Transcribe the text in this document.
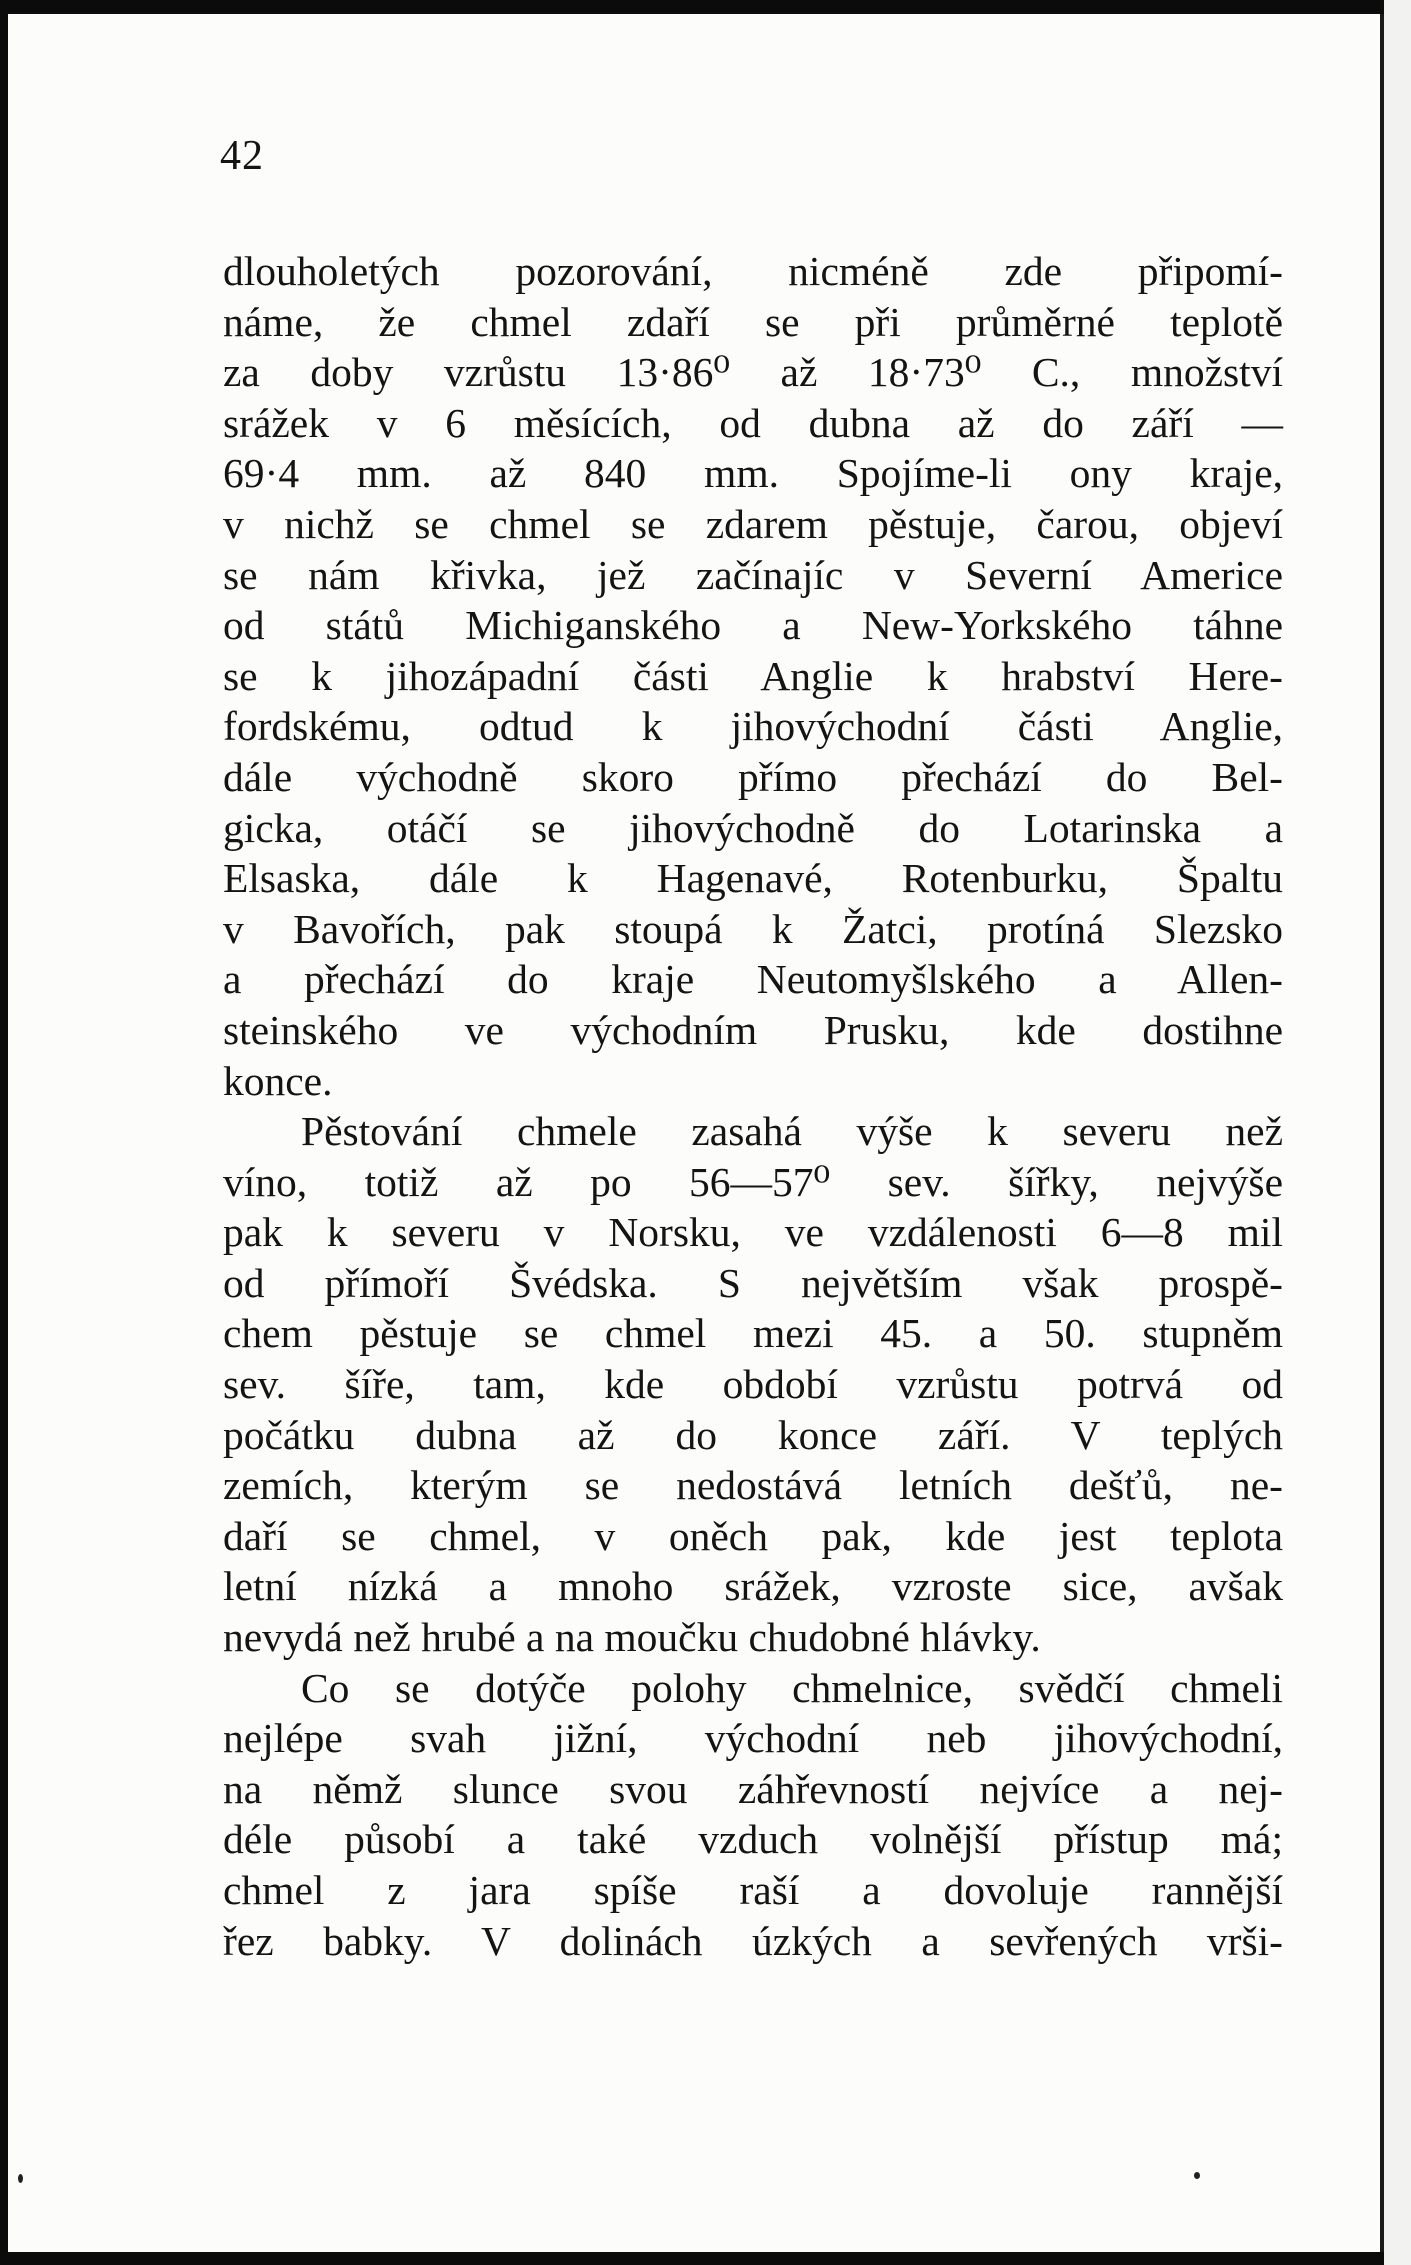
42
dlouholetých pozorování, nicméně zde připomí-
náme, že chmel zdaří se při průměrné teplotě
za doby vzrůstu 13·86⁰ až 18·73⁰ C., množství
srážek v 6 měsících, od dubna až do září —
69·4 mm. až 840 mm. Spojíme-li ony kraje,
v nichž se chmel se zdarem pěstuje, čarou, objeví
se nám křivka, jež začínajíc v Severní Americe
od států Michiganského a New-Yorkského táhne
se k jihozápadní části Anglie k hrabství Here-
fordskému, odtud k jihovýchodní části Anglie,
dále východně skoro přímo přechází do Bel-
gicka, otáčí se jihovýchodně do Lotarinska a
Elsaska, dále k Hagenavé, Rotenburku, Špaltu
v Bavořích, pak stoupá k Žatci, protíná Slezsko
a přechází do kraje Neutomyšlského a Allen-
steinského ve východním Prusku, kde dostihne
konce.
Pěstování chmele zasahá výše k severu než
víno, totiž až po 56—57⁰ sev. šířky, nejvýše
pak k severu v Norsku, ve vzdálenosti 6—8 mil
od přímoří Švédska. S největším však prospě-
chem pěstuje se chmel mezi 45. a 50. stupněm
sev. šíře, tam, kde období vzrůstu potrvá od
počátku dubna až do konce září. V teplých
zemích, kterým se nedostává letních dešťů, ne-
daří se chmel, v oněch pak, kde jest teplota
letní nízká a mnoho srážek, vzroste sice, avšak
nevydá než hrubé a na moučku chudobné hlávky.
Co se dotýče polohy chmelnice, svědčí chmeli
nejlépe svah jižní, východní neb jihovýchodní,
na němž slunce svou záhřevností nejvíce a nej-
déle působí a také vzduch volnější přístup má;
chmel z jara spíše raší a dovoluje rannější
řez babky. V dolinách úzkých a sevřených vrši-
